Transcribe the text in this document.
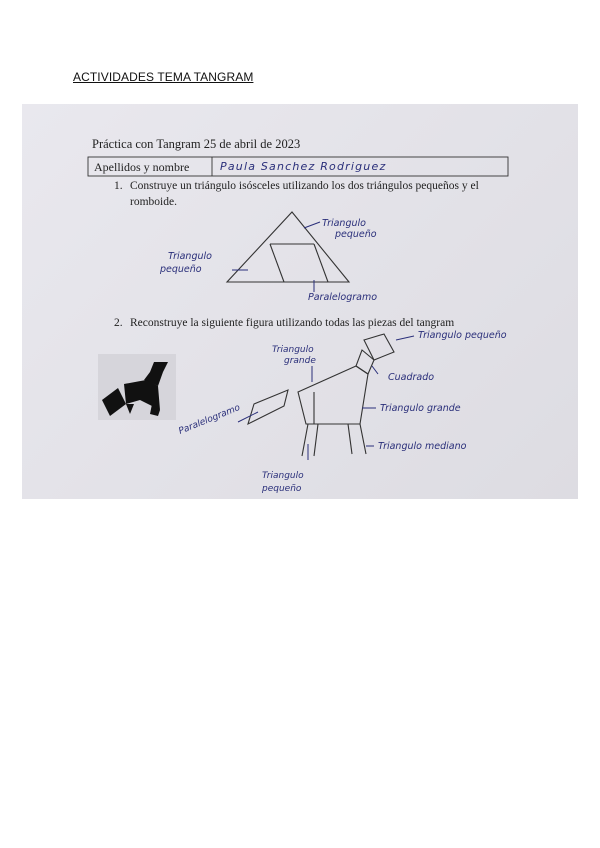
ACTIVIDADES TEMA TANGRAM
Práctica con Tangram 25 de abril de 2023
Apellidos y nombre	Paula Sanchez Rodriguez
1. Construye un triángulo isósceles utilizando los dos triángulos pequeños y el
romboide.
Triangulo
pequeño
Triangulo
pequeño
Paralelogramo
2. Reconstruye la siguiente figura utilizando todas las piezas del tangram
Triangulo
grande
Triangulo pequeño
Cuadrado
Triangulo grande
Paralelogramo
Triangulo mediano
Triangulo
pequeño
